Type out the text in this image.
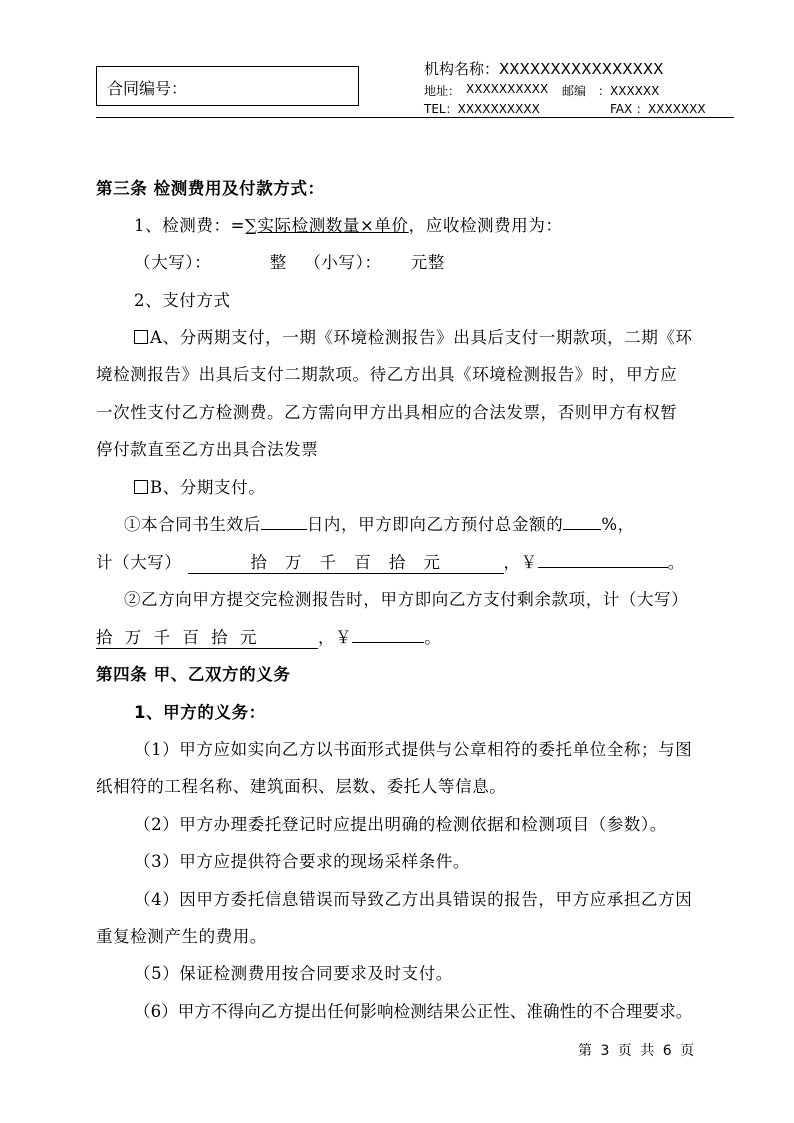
合同编号：
机构名称：XXXXXXXXXXXXXXXX
地址： XXXXXXXXXX 邮编 ：XXXXXX
TEL：XXXXXXXXXX	FAX ：XXXXXXX
第三条 检测费用及付款方式：
1、检测费：=∑实际检测数量×单价，应收检测费用为：
（大写）：          整   （小写）：     元整
2、支付方式
A、分两期支付，一期《环境检测报告》出具后支付一期款项，二期《环
境检测报告》出具后支付二期款项。待乙方出具《环境检测报告》时，甲方应
一次性支付乙方检测费。乙方需向甲方出具相应的合法发票，否则甲方有权暂
停付款直至乙方出具合法发票
B、分期支付。
①本合同书生效后	日内，甲方即向乙方预付总金额的 %，
计（大写）	拾   万   千   百   拾   元	，￥	。
②乙方向甲方提交完检测报告时，甲方即向乙方支付剩余款项，计（大写）
拾  万  千  百  拾  元	，￥	。
第四条 甲、乙双方的义务
1、甲方的义务：
（1）甲方应如实向乙方以书面形式提供与公章相符的委托单位全称；与图
纸相符的工程名称、建筑面积、层数、委托人等信息。
（2）甲方办理委托登记时应提出明确的检测依据和检测项目（参数）。
（3）甲方应提供符合要求的现场采样条件。
（4）因甲方委托信息错误而导致乙方出具错误的报告，甲方应承担乙方因
重复检测产生的费用。
（5）保证检测费用按合同要求及时支付。
（6）甲方不得向乙方提出任何影响检测结果公正性、准确性的不合理要求。
第 3 页 共 6 页
